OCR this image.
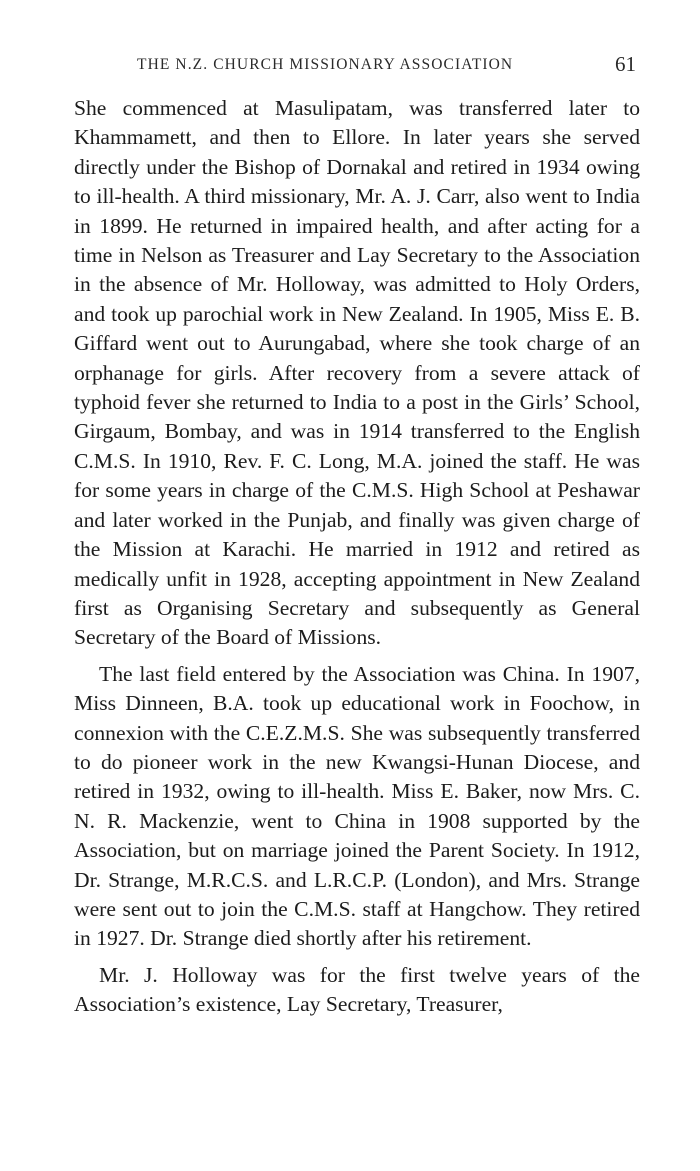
THE N.Z. CHURCH MISSIONARY ASSOCIATION	61

She commenced at Masulipatam, was transferred later to Khammamett, and then to Ellore. In later years she served directly under the Bishop of Dornakal and retired in 1934 owing to ill-health. A third missionary, Mr. A. J. Carr, also went to India in 1899. He returned in impaired health, and after acting for a time in Nelson as Treasurer and Lay Secretary to the Association in the absence of Mr. Holloway, was admitted to Holy Orders, and took up parochial work in New Zealand. In 1905, Miss E. B. Giffard went out to Aurungabad, where she took charge of an orphanage for girls. After recovery from a severe attack of typhoid fever she returned to India to a post in the Girls’ School, Girgaum, Bombay, and was in 1914 transferred to the English C.M.S. In 1910, Rev. F. C. Long, M.A. joined the staff. He was for some years in charge of the C.M.S. High School at Peshawar and later worked in the Punjab, and finally was given charge of the Mission at Karachi. He married in 1912 and retired as medically unfit in 1928, accepting appointment in New Zealand first as Organising Secretary and subsequently as General Secretary of the Board of Missions.

The last field entered by the Association was China. In 1907, Miss Dinneen, B.A. took up educational work in Foochow, in connexion with the C.E.Z.M.S. She was subsequently transferred to do pioneer work in the new Kwangsi-Hunan Diocese, and retired in 1932, owing to ill-health. Miss E. Baker, now Mrs. C. N. R. Mackenzie, went to China in 1908 supported by the Association, but on marriage joined the Parent Society. In 1912, Dr. Strange, M.R.C.S. and L.R.C.P. (London), and Mrs. Strange were sent out to join the C.M.S. staff at Hangchow. They retired in 1927. Dr. Strange died shortly after his retirement.

Mr. J. Holloway was for the first twelve years of the Association’s existence, Lay Secretary, Treasurer,
